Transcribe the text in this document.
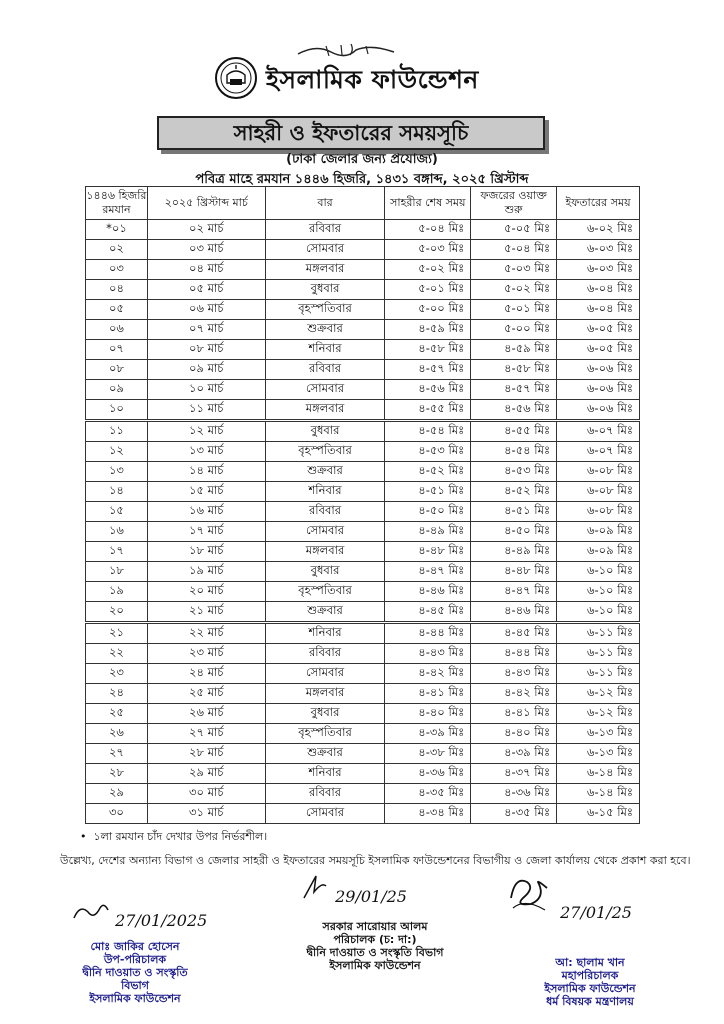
ইসলামিক ফাউন্ডেশন
সাহরী ও ইফতারের সময়সূচি
(ঢাকা জেলার জন্য প্রযোজ্য)
পবিত্র মাহে রমযান ১৪৪৬ হিজরি, ১৪৩১ বঙ্গাব্দ, ২০২৫ খ্রিস্টাব্দ
১৪৪৬ হিজরি রমযান	২০২৫ খ্রিস্টাব্দ মার্চ	বার	সাহরীর শেষ সময়	ফজরের ওয়াক্ত শুরু	ইফতারের সময়
*০১	০২ মার্চ	রবিবার	৫-০৪ মিঃ	৫-০৫ মিঃ	৬-০২ মিঃ
০২	০৩ মার্চ	সোমবার	৫-০৩ মিঃ	৫-০৪ মিঃ	৬-০৩ মিঃ
০৩	০৪ মার্চ	মঙ্গলবার	৫-০২ মিঃ	৫-০৩ মিঃ	৬-০৩ মিঃ
০৪	০৫ মার্চ	বুধবার	৫-০১ মিঃ	৫-০২ মিঃ	৬-০৪ মিঃ
০৫	০৬ মার্চ	বৃহস্পতিবার	৫-০০ মিঃ	৫-০১ মিঃ	৬-০৪ মিঃ
০৬	০৭ মার্চ	শুক্রবার	৪-৫৯ মিঃ	৫-০০ মিঃ	৬-০৫ মিঃ
০৭	০৮ মার্চ	শনিবার	৪-৫৮ মিঃ	৪-৫৯ মিঃ	৬-০৫ মিঃ
০৮	০৯ মার্চ	রবিবার	৪-৫৭ মিঃ	৪-৫৮ মিঃ	৬-০৬ মিঃ
০৯	১০ মার্চ	সোমবার	৪-৫৬ মিঃ	৪-৫৭ মিঃ	৬-০৬ মিঃ
১০	১১ মার্চ	মঙ্গলবার	৪-৫৫ মিঃ	৪-৫৬ মিঃ	৬-০৬ মিঃ
১১	১২ মার্চ	বুধবার	৪-৫৪ মিঃ	৪-৫৫ মিঃ	৬-০৭ মিঃ
১২	১৩ মার্চ	বৃহস্পতিবার	৪-৫৩ মিঃ	৪-৫৪ মিঃ	৬-০৭ মিঃ
১৩	১৪ মার্চ	শুক্রবার	৪-৫২ মিঃ	৪-৫৩ মিঃ	৬-০৮ মিঃ
১৪	১৫ মার্চ	শনিবার	৪-৫১ মিঃ	৪-৫২ মিঃ	৬-০৮ মিঃ
১৫	১৬ মার্চ	রবিবার	৪-৫০ মিঃ	৪-৫১ মিঃ	৬-০৮ মিঃ
১৬	১৭ মার্চ	সোমবার	৪-৪৯ মিঃ	৪-৫০ মিঃ	৬-০৯ মিঃ
১৭	১৮ মার্চ	মঙ্গলবার	৪-৪৮ মিঃ	৪-৪৯ মিঃ	৬-০৯ মিঃ
১৮	১৯ মার্চ	বুধবার	৪-৪৭ মিঃ	৪-৪৮ মিঃ	৬-১০ মিঃ
১৯	২০ মার্চ	বৃহস্পতিবার	৪-৪৬ মিঃ	৪-৪৭ মিঃ	৬-১০ মিঃ
২০	২১ মার্চ	শুক্রবার	৪-৪৫ মিঃ	৪-৪৬ মিঃ	৬-১০ মিঃ
২১	২২ মার্চ	শনিবার	৪-৪৪ মিঃ	৪-৪৫ মিঃ	৬-১১ মিঃ
২২	২৩ মার্চ	রবিবার	৪-৪৩ মিঃ	৪-৪৪ মিঃ	৬-১১ মিঃ
২৩	২৪ মার্চ	সোমবার	৪-৪২ মিঃ	৪-৪৩ মিঃ	৬-১১ মিঃ
২৪	২৫ মার্চ	মঙ্গলবার	৪-৪১ মিঃ	৪-৪২ মিঃ	৬-১২ মিঃ
২৫	২৬ মার্চ	বুধবার	৪-৪০ মিঃ	৪-৪১ মিঃ	৬-১২ মিঃ
২৬	২৭ মার্চ	বৃহস্পতিবার	৪-৩৯ মিঃ	৪-৪০ মিঃ	৬-১৩ মিঃ
২৭	২৮ মার্চ	শুক্রবার	৪-৩৮ মিঃ	৪-৩৯ মিঃ	৬-১৩ মিঃ
২৮	২৯ মার্চ	শনিবার	৪-৩৬ মিঃ	৪-৩৭ মিঃ	৬-১৪ মিঃ
২৯	৩০ মার্চ	রবিবার	৪-৩৫ মিঃ	৪-৩৬ মিঃ	৬-১৪ মিঃ
৩০	৩১ মার্চ	সোমবার	৪-৩৪ মিঃ	৪-৩৫ মিঃ	৬-১৫ মিঃ
•  ১লা রমযান চাঁদ দেখার উপর নির্ভরশীল।
উল্লেখ্য, দেশের অন্যান্য বিভাগ ও জেলার সাহরী ও ইফতারের সময়সূচি ইসলামিক ফাউন্ডেশনের বিভাগীয় ও জেলা কার্যালয় থেকে প্রকাশ করা হবে।
27/01/2025
মোঃ জাকির হোসেন
উপ-পরিচালক
দ্বীনি দাওয়াত ও সংস্কৃতি বিভাগ
ইসলামিক ফাউন্ডেশন
29/01/25
সরকার সারোয়ার আলম
পরিচালক (চ: দা:)
দ্বীনি দাওয়াত ও সংস্কৃতি বিভাগ
ইসলামিক ফাউন্ডেশন
27/01/25
আ: ছালাম খান
মহাপরিচালক
ইসলামিক ফাউন্ডেশন
ধর্ম বিষয়ক মন্ত্রণালয়
